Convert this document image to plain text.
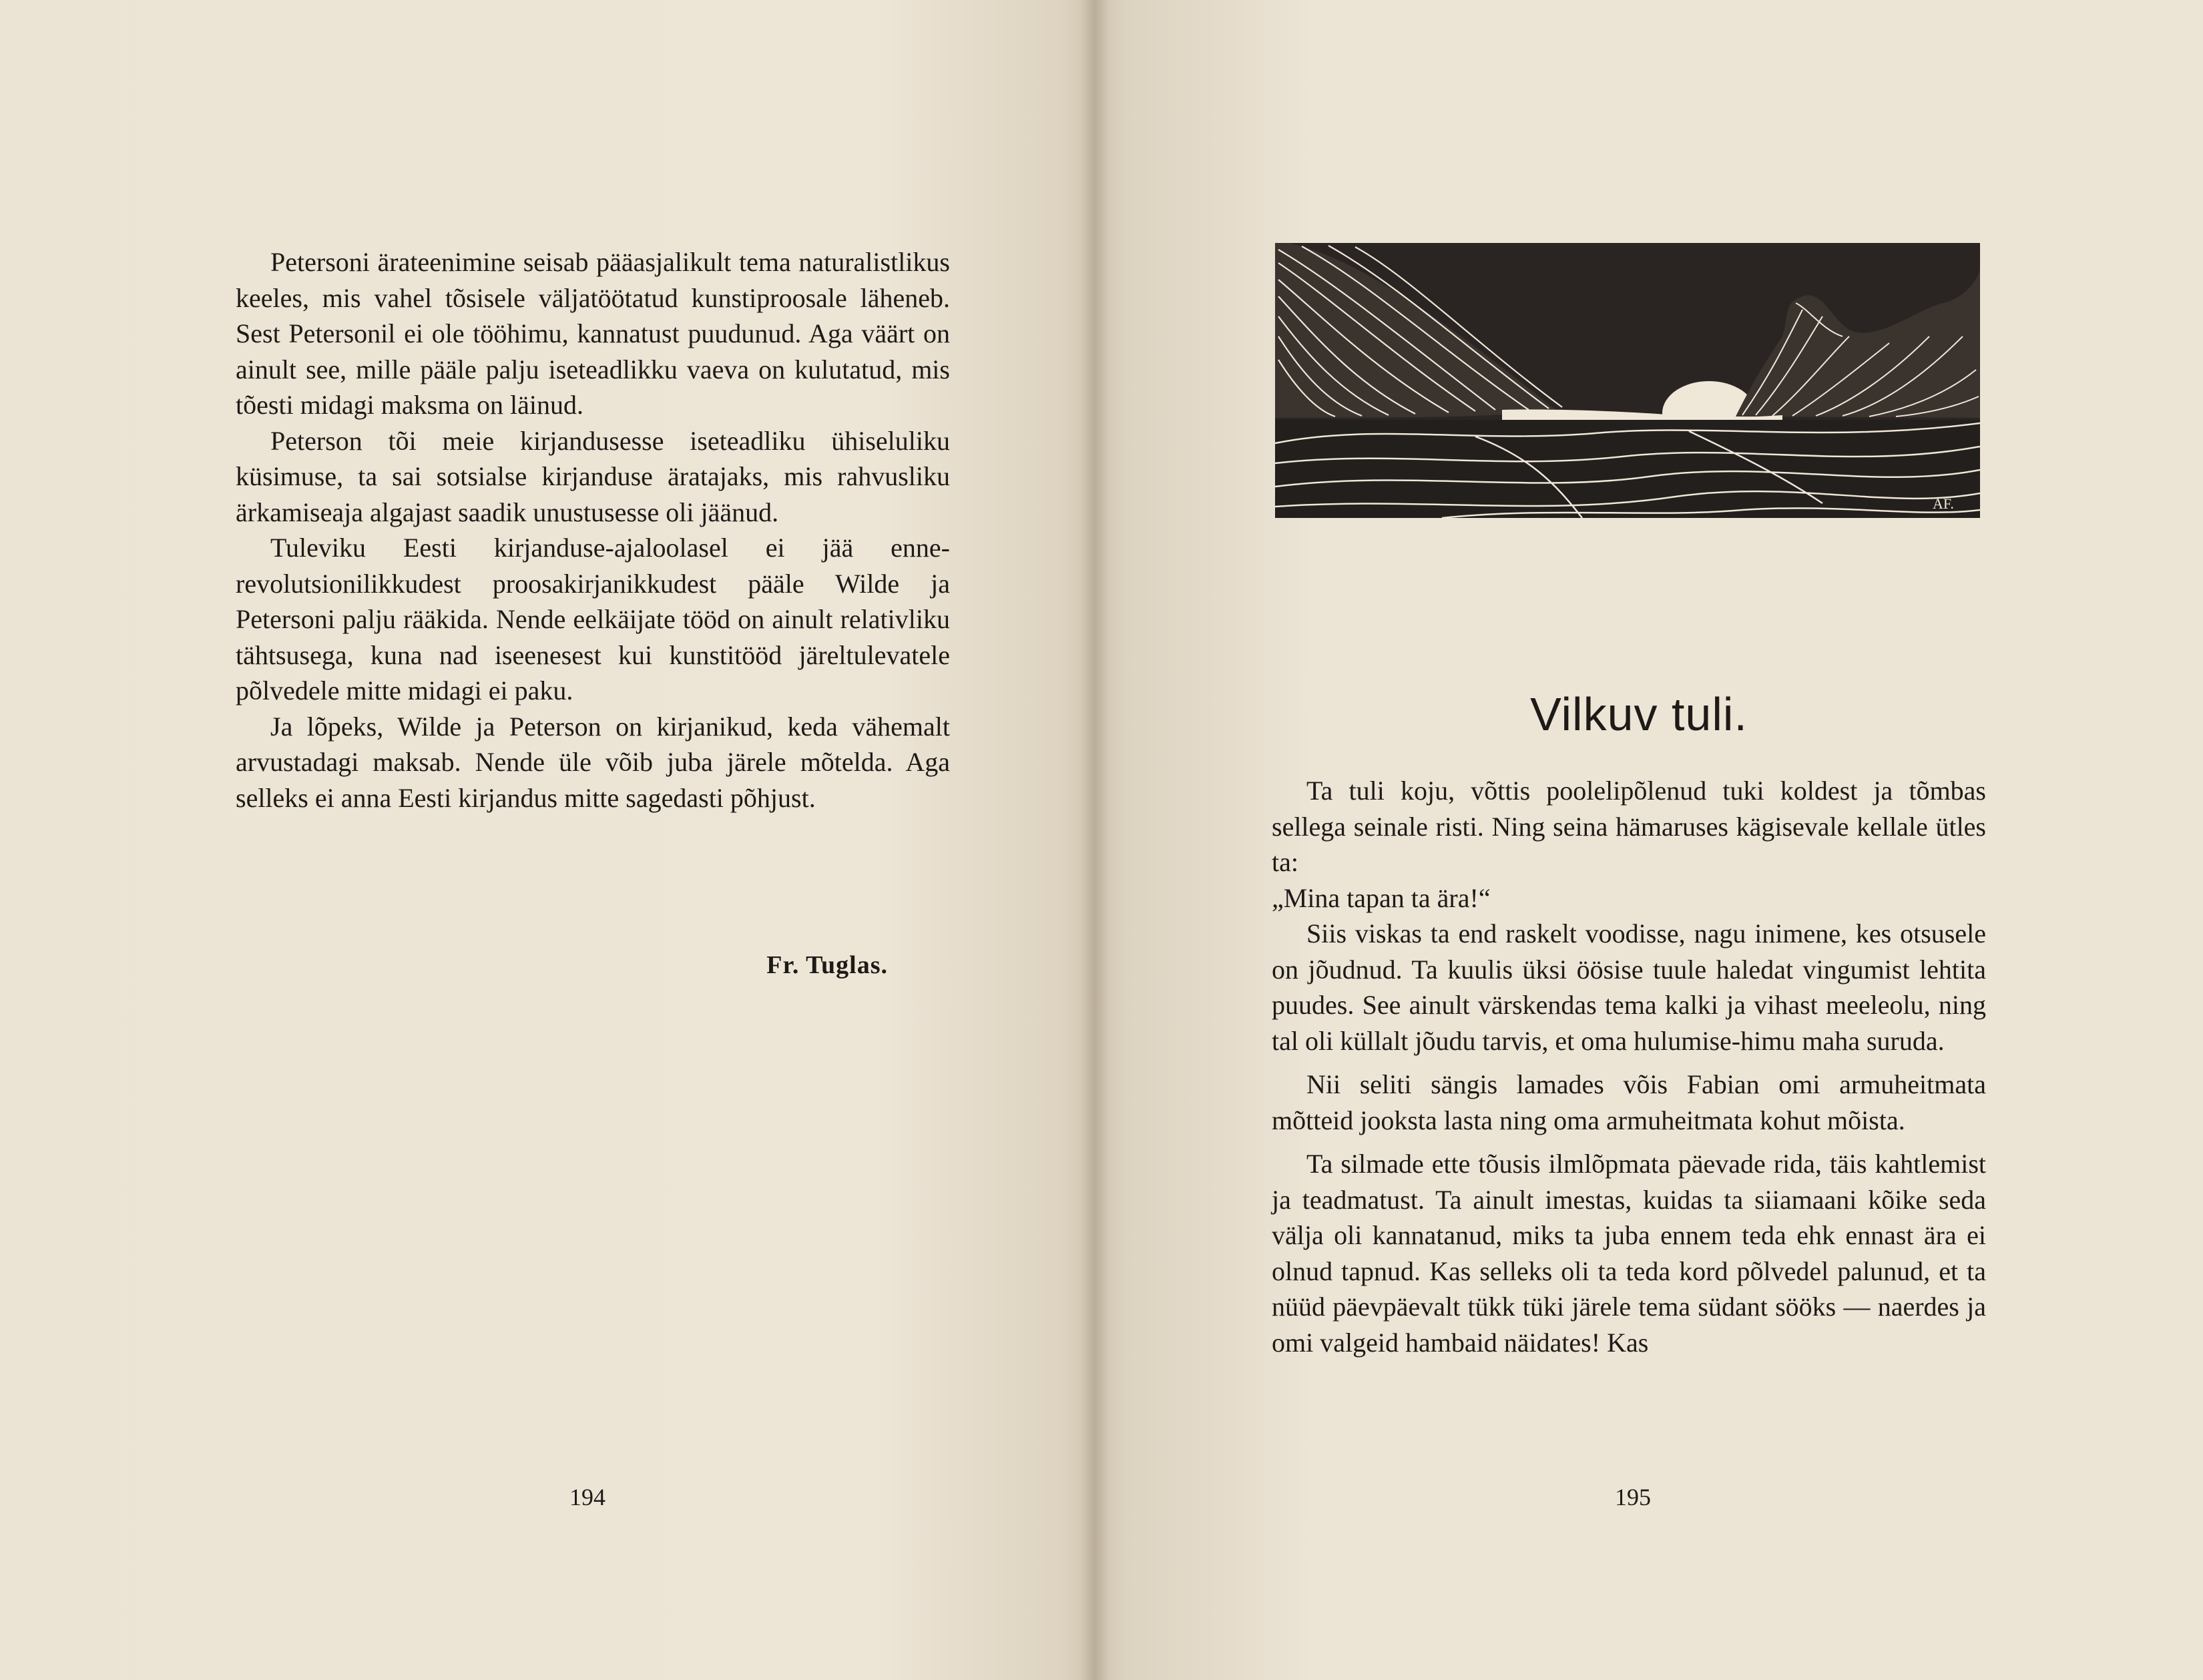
Petersoni ärateenimine seisab pääasjalikult tema naturalistlikus keeles, mis vahel tõsisele väljatöötatud kunstiproosale läheneb. Sest Petersonil ei ole tööhimu, kannatust puudunud. Aga väärt on ainult see, mille pääle palju iseteadlikku vaeva on kulutatud, mis tõesti midagi maksma on läinud.

Peterson tõi meie kirjandusesse iseteadliku ühiseluliku küsimuse, ta sai sotsialse kirjanduse äratajaks, mis rahvusliku ärkamiseaja algajast saadik unustusesse oli jäänud.

Tuleviku Eesti kirjanduse-ajaloolasel ei jää enne-revolutsionilikkudest proosakirjanikkudest pääle Wilde ja Petersoni palju rääkida. Nende eelkäijate tööd on ainult relativliku tähtsusega, kuna nad iseenesest kui kunstitööd järeltulevatele põlvedele mitte midagi ei paku.

Ja lõpeks, Wilde ja Peterson on kirjanikud, keda vähemalt arvustadagi maksab. Nende üle võib juba järele mõtelda. Aga selleks ei anna Eesti kirjandus mitte sagedasti põhjust.

Fr. Tuglas.
194
AF.
Vilkuv tuli.

Ta tuli koju, võttis poolelipõlenud tuki koldest ja tõmbas sellega seinale risti. Ning seina hämaruses kägisevale kellale ütles ta:

„Mina tapan ta ära!“

Siis viskas ta end raskelt voodisse, nagu inimene, kes otsusele on jõudnud. Ta kuulis üksi öösise tuule haledat vingumist lehtita puudes. See ainult värskendas tema kalki ja vihast meeleolu, ning tal oli küllalt jõudu tarvis, et oma hulumise-himu maha suruda.

Nii seliti sängis lamades võis Fabian omi armuheitmata mõtteid jooksta lasta ning oma armuheitmata kohut mõista.

Ta silmade ette tõusis ilmlõpmata päevade rida, täis kahtlemist ja teadmatust. Ta ainult imestas, kuidas ta siiamaani kõike seda välja oli kannatanud, miks ta juba ennem teda ehk ennast ära ei olnud tapnud. Kas selleks oli ta teda kord põlvedel palunud, et ta nüüd päevpäevalt tükk tüki järele tema südant sööks — naerdes ja omi valgeid hambaid näidates! Kas

195
